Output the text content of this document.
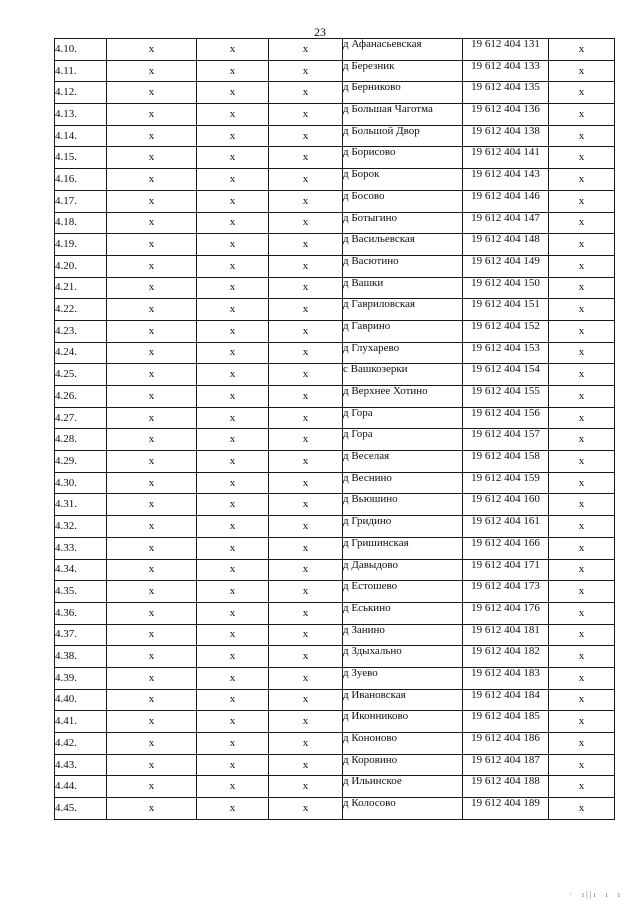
23
4.10.	х	х	х	д Афанасьевская	19 612 404 131	х
4.11.	х	х	х	д Березник	19 612 404 133	х
4.12.	х	х	х	д Берниково	19 612 404 135	х
4.13.	х	х	х	д Большая Чаготма	19 612 404 136	х
4.14.	х	х	х	д Большой Двор	19 612 404 138	х
4.15.	х	х	х	д Борисово	19 612 404 141	х
4.16.	х	х	х	д Борок	19 612 404 143	х
4.17.	х	х	х	д Босово	19 612 404 146	х
4.18.	х	х	х	д Ботыгино	19 612 404 147	х
4.19.	х	х	х	д Васильевская	19 612 404 148	х
4.20.	х	х	х	д Васютино	19 612 404 149	х
4.21.	х	х	х	д Вашки	19 612 404 150	х
4.22.	х	х	х	д Гавриловская	19 612 404 151	х
4.23.	х	х	х	д Гаврино	19 612 404 152	х
4.24.	х	х	х	д Глухарево	19 612 404 153	х
4.25.	х	х	х	с Вашкозерки	19 612 404 154	х
4.26.	х	х	х	д Верхнее Хотино	19 612 404 155	х
4.27.	х	х	х	д Гора	19 612 404 156	х
4.28.	х	х	х	д Гора	19 612 404 157	х
4.29.	х	х	х	д Веселая	19 612 404 158	х
4.30.	х	х	х	д Веснино	19 612 404 159	х
4.31.	х	х	х	д Вьюшино	19 612 404 160	х
4.32.	х	х	х	д Гридино	19 612 404 161	х
4.33.	х	х	х	д Гришинская	19 612 404 166	х
4.34.	х	х	х	д Давыдово	19 612 404 171	х
4.35.	х	х	х	д Естошево	19 612 404 173	х
4.36.	х	х	х	д Еськино	19 612 404 176	х
4.37.	х	х	х	д Занино	19 612 404 181	х
4.38.	х	х	х	д Здыхально	19 612 404 182	х
4.39.	х	х	х	д Зуево	19 612 404 183	х
4.40.	х	х	х	д Ивановская	19 612 404 184	х
4.41.	х	х	х	д Иконниково	19 612 404 185	х
4.42.	х	х	х	д Кононово	19 612 404 186	х
4.43.	х	х	х	д Коровино	19 612 404 187	х
4.44.	х	х	х	д Ильинское	19 612 404 188	х
4.45.	х	х	х	д Колосово	19 612 404 189	х
·  ı||ı  ı  ı
